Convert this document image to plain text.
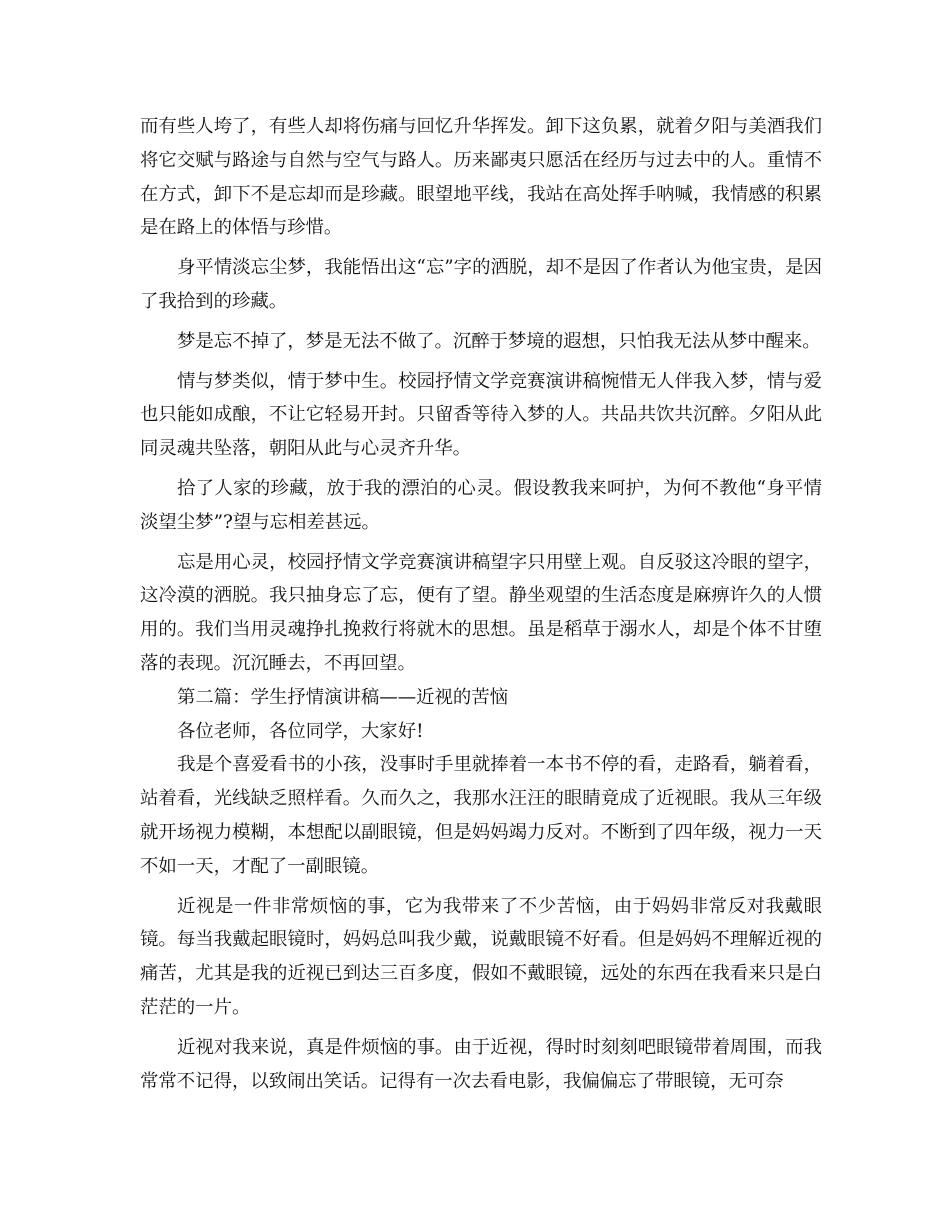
而有些人垮了，有些人却将伤痛与回忆升华挥发。卸下这负累，就着夕阳与美酒我们将它交赋与路途与自然与空气与路人。历来鄙夷只愿活在经历与过去中的人。重情不在方式，卸下不是忘却而是珍藏。眼望地平线，我站在高处挥手呐喊，我情感的积累是在路上的体悟与珍惜。

身平情淡忘尘梦，我能悟出这“忘”字的洒脱，却不是因了作者认为他宝贵，是因了我拾到的珍藏。

梦是忘不掉了，梦是无法不做了。沉醉于梦境的遐想，只怕我无法从梦中醒来。

情与梦类似，情于梦中生。校园抒情文学竞赛演讲稿惋惜无人伴我入梦，情与爱也只能如成酿，不让它轻易开封。只留香等待入梦的人。共品共饮共沉醉。夕阳从此同灵魂共坠落，朝阳从此与心灵齐升华。

拾了人家的珍藏，放于我的漂泊的心灵。假设教我来呵护，为何不教他“身平情淡望尘梦”?望与忘相差甚远。

忘是用心灵，校园抒情文学竞赛演讲稿望字只用壁上观。自反驳这冷眼的望字，这冷漠的洒脱。我只抽身忘了忘，便有了望。静坐观望的生活态度是麻痹许久的人惯用的。我们当用灵魂挣扎挽救行将就木的思想。虽是稻草于溺水人，却是个体不甘堕落的表现。沉沉睡去，不再回望。

第二篇：学生抒情演讲稿——近视的苦恼

各位老师，各位同学，大家好!

我是个喜爱看书的小孩，没事时手里就捧着一本书不停的看，走路看，躺着看，站着看，光线缺乏照样看。久而久之，我那水汪汪的眼睛竟成了近视眼。我从三年级就开场视力模糊，本想配以副眼镜，但是妈妈竭力反对。不断到了四年级，视力一天不如一天，才配了一副眼镜。

近视是一件非常烦恼的事，它为我带来了不少苦恼，由于妈妈非常反对我戴眼镜。每当我戴起眼镜时，妈妈总叫我少戴，说戴眼镜不好看。但是妈妈不理解近视的痛苦，尤其是我的近视已到达三百多度，假如不戴眼镜，远处的东西在我看来只是白茫茫的一片。

近视对我来说，真是件烦恼的事。由于近视，得时时刻刻吧眼镜带着周围，而我常常不记得，以致闹出笑话。记得有一次去看电影，我偏偏忘了带眼镜，无可奈
